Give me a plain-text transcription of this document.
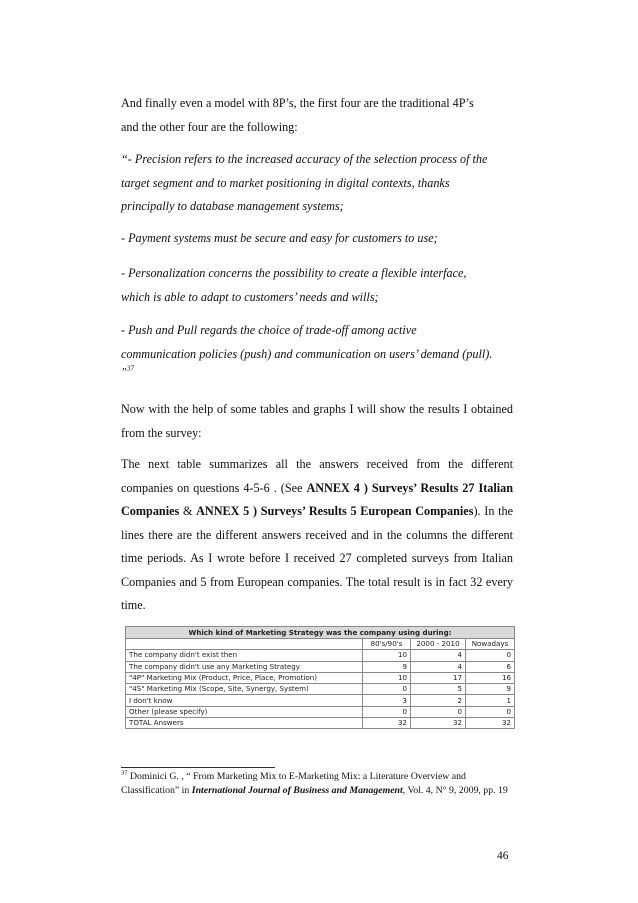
And finally even a model with 8P’s, the first four are the traditional 4P’s
and the other four are the following:
“- Precision refers to the increased accuracy of the selection process of the
target segment and to market positioning in digital contexts, thanks
principally to database management systems;
- Payment systems must be secure and easy for customers to use;
- Personalization concerns the possibility to create a flexible interface,
which is able to adapt to customers’ needs and wills;
- Push and Pull regards the choice of trade-off among active
communication policies (push) and communication on users’ demand (pull).
”$^{37}$
Now with the help of some tables and graphs I will show the results I obtained from the survey:
The next table summarizes all the answers received from the different companies on questions 4-5-6 . (See ANNEX 4 ) Surveys’ Results 27 Italian Companies & ANNEX 5 ) Surveys’ Results 5 European Companies). In the lines there are the different answers received and in the columns the different time periods. As I wrote before I received 27 completed surveys from Italian Companies and 5 from European companies. The total result is in fact 32 every time.
Which kind of Marketing Strategy was the company using during:			
	80's/90's	2000 - 2010	Nowadays
The company didn't exist then	10	4	0
The company didn't use any Marketing Strategy	9	4	6
"4P" Marketing Mix (Product, Price, Place, Promotion)	10	17	16
"4S" Marketing Mix (Scope, Site, Synergy, System)	0	5	9
I don't know	3	2	1
Other (please specify)	0	0	0
TOTAL Answers	32	32	32
$^{37}$ Dominici G. , “ From Marketing Mix to E-Marketing Mix: a Literature Overview and Classification” in International Journal of Business and Management, Vol. 4, N° 9, 2009, pp. 19
46
